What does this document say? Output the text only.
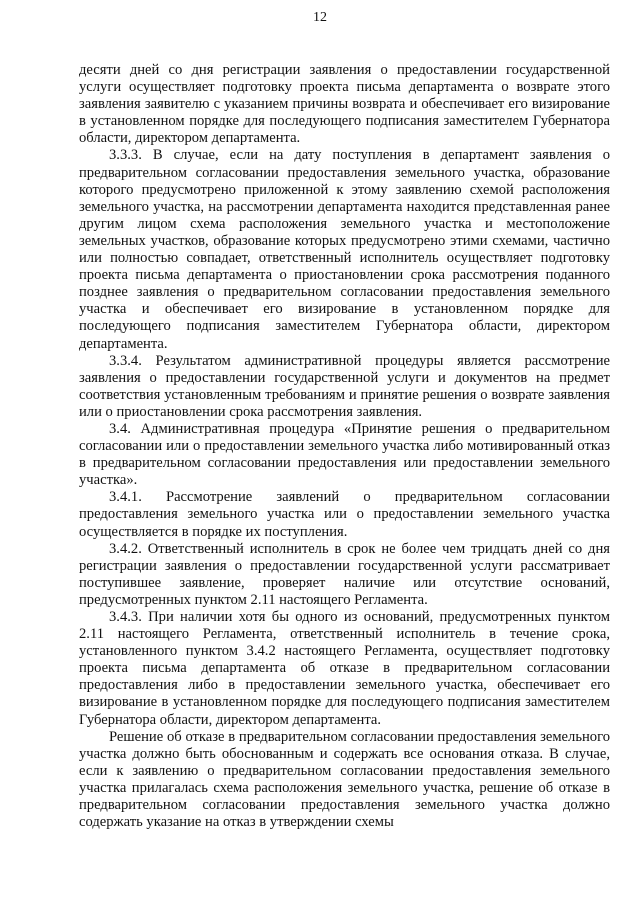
12

десяти дней со дня регистрации заявления о предоставлении государственной услуги осуществляет подготовку проекта письма департамента о возврате этого заявления заявителю с указанием причины возврата и обеспечивает его визирование в установленном порядке для последующего подписания заместителем Губернатора области, директором департамента.

3.3.3. В случае, если на дату поступления в департамент заявления о предварительном согласовании предоставления земельного участка, образование которого предусмотрено приложенной к этому заявлению схемой расположения земельного участка, на рассмотрении департамента находится представленная ранее другим лицом схема расположения земельного участка и местоположение земельных участков, образование которых предусмотрено этими схемами, частично или полностью совпадает, ответственный исполнитель осуществляет подготовку проекта письма департамента о приостановлении срока рассмотрения поданного позднее заявления о предварительном согласовании предоставления земельного участка и обеспечивает его визирование в установленном порядке для последующего подписания заместителем Губернатора области, директором департамента.

3.3.4. Результатом административной процедуры является рассмотрение заявления о предоставлении государственной услуги и документов на предмет соответствия установленным требованиям и принятие решения о возврате заявления или о приостановлении срока рассмотрения заявления.

3.4. Административная процедура «Принятие решения о предварительном согласовании или о предоставлении земельного участка либо мотивированный отказ в предварительном согласовании предоставления или предоставлении земельного участка».

3.4.1. Рассмотрение заявлений о предварительном согласовании предоставления земельного участка или о предоставлении земельного участка осуществляется в порядке их поступления.

3.4.2. Ответственный исполнитель в срок не более чем тридцать дней со дня регистрации заявления о предоставлении государственной услуги рассматривает поступившее заявление, проверяет наличие или отсутствие оснований, предусмотренных пунктом 2.11 настоящего Регламента.

3.4.3. При наличии хотя бы одного из оснований, предусмотренных пунктом 2.11 настоящего Регламента, ответственный исполнитель в течение срока, установленного пунктом 3.4.2 настоящего Регламента, осуществляет подготовку проекта письма департамента об отказе в предварительном согласовании предоставления либо в предоставлении земельного участка, обеспечивает его визирование в установленном порядке для последующего подписания заместителем Губернатора области, директором департамента.

Решение об отказе в предварительном согласовании предоставления земельного участка должно быть обоснованным и содержать все основания отказа. В случае, если к заявлению о предварительном согласовании предоставления земельного участка прилагалась схема расположения земельного участка, решение об отказе в предварительном согласовании предоставления земельного участка должно содержать указание на отказ в утверждении схемы
